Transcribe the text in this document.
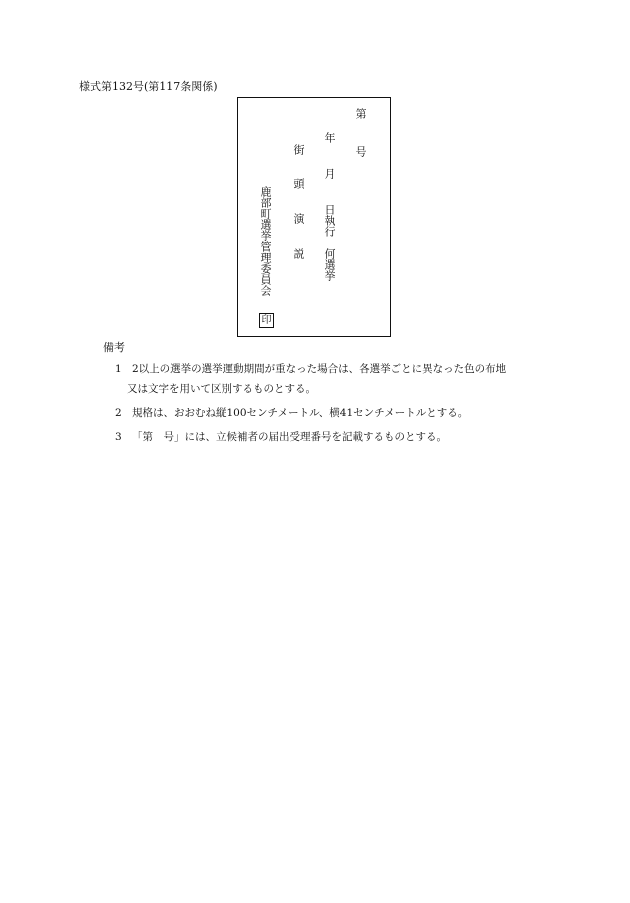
様式第132号(第117条関係)
第
号
年
月
日執行
何選挙
街
頭
演
説
鹿部町選挙管理委員会
印
備考
1 2以上の選挙の選挙運動期間が重なった場合は、各選挙ごとに異なった色の布地
又は文字を用いて区別するものとする。
2 規格は、おおむね縦100センチメートル、横41センチメートルとする。
3 「第　号」には、立候補者の届出受理番号を記載するものとする。
